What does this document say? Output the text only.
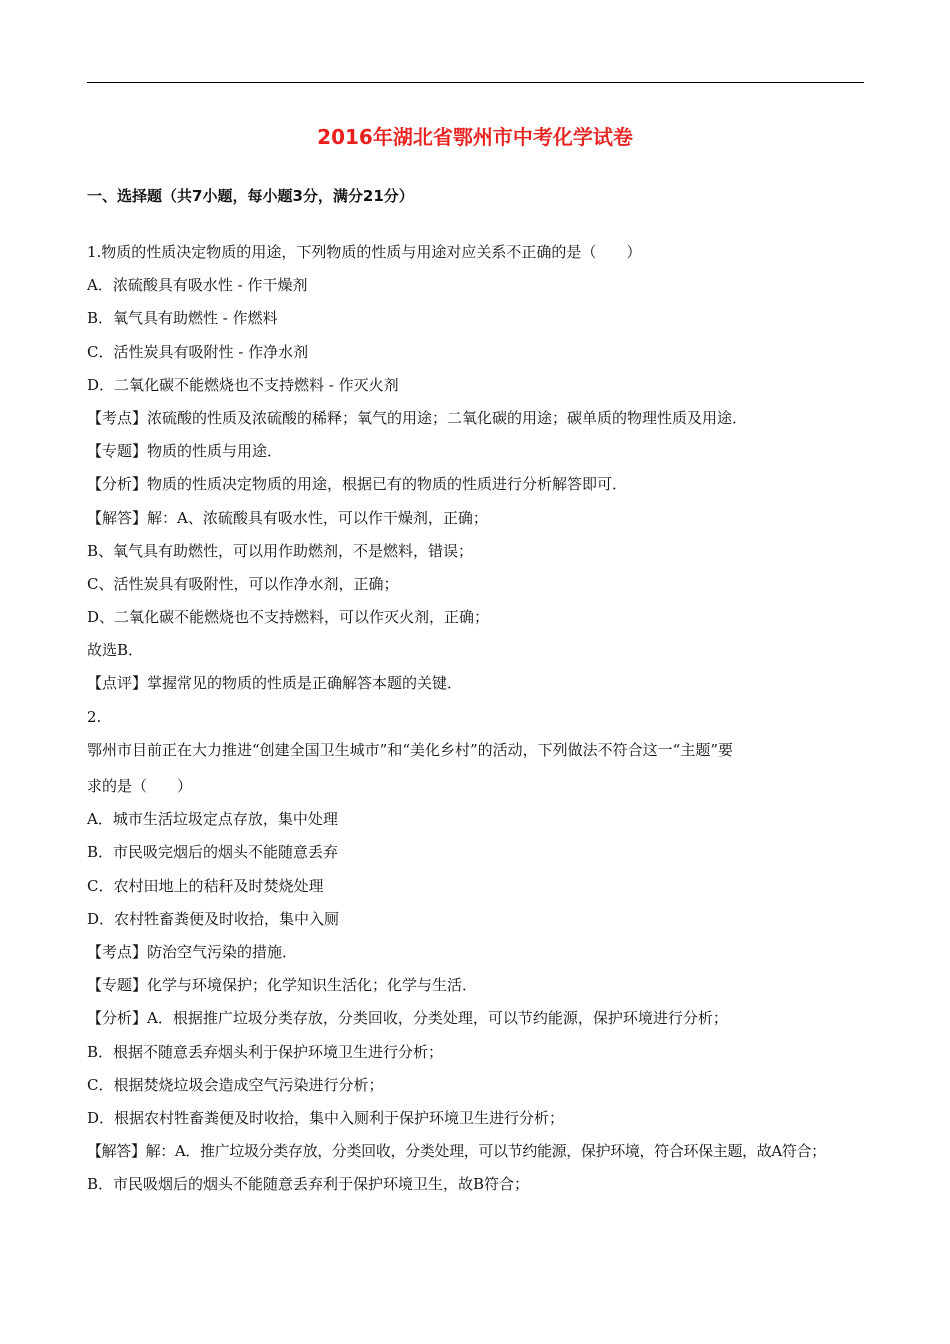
2016年湖北省鄂州市中考化学试卷
一、选择题（共7小题，每小题3分，满分21分）
1.物质的性质决定物质的用途，下列物质的性质与用途对应关系不正确的是（　　）
A．浓硫酸具有吸水性 - 作干燥剂
B．氧气具有助燃性 - 作燃料
C．活性炭具有吸附性 - 作净水剂
D．二氧化碳不能燃烧也不支持燃料 - 作灭火剂
【考点】浓硫酸的性质及浓硫酸的稀释；氧气的用途；二氧化碳的用途；碳单质的物理性质及用途．
【专题】物质的性质与用途．
【分析】物质的性质决定物质的用途，根据已有的物质的性质进行分析解答即可．
【解答】解：A、浓硫酸具有吸水性，可以作干燥剂，正确；
B、氧气具有助燃性，可以用作助燃剂，不是燃料，错误；
C、活性炭具有吸附性，可以作净水剂，正确；
D、二氧化碳不能燃烧也不支持燃料，可以作灭火剂，正确；
故选B．
【点评】掌握常见的物质的性质是正确解答本题的关键．
2.
鄂州市目前正在大力推进“创建全国卫生城市”和“美化乡村”的活动，下列做法不符合这一“主题”要
求的是（　　）
A．城市生活垃圾定点存放，集中处理
B．市民吸完烟后的烟头不能随意丢弃
C．农村田地上的秸秆及时焚烧处理
D．农村牲畜粪便及时收拾，集中入厕
【考点】防治空气污染的措施．
【专题】化学与环境保护；化学知识生活化；化学与生活．
【分析】A．根据推广垃圾分类存放，分类回收，分类处理，可以节约能源，保护环境进行分析；
B．根据不随意丢弃烟头利于保护环境卫生进行分析；
C．根据焚烧垃圾会造成空气污染进行分析；
D．根据农村牲畜粪便及时收拾，集中入厕利于保护环境卫生进行分析；
【解答】解：A．推广垃圾分类存放，分类回收，分类处理，可以节约能源，保护环境，符合环保主题，故A符合；
B．市民吸烟后的烟头不能随意丢弃利于保护环境卫生，故B符合；
